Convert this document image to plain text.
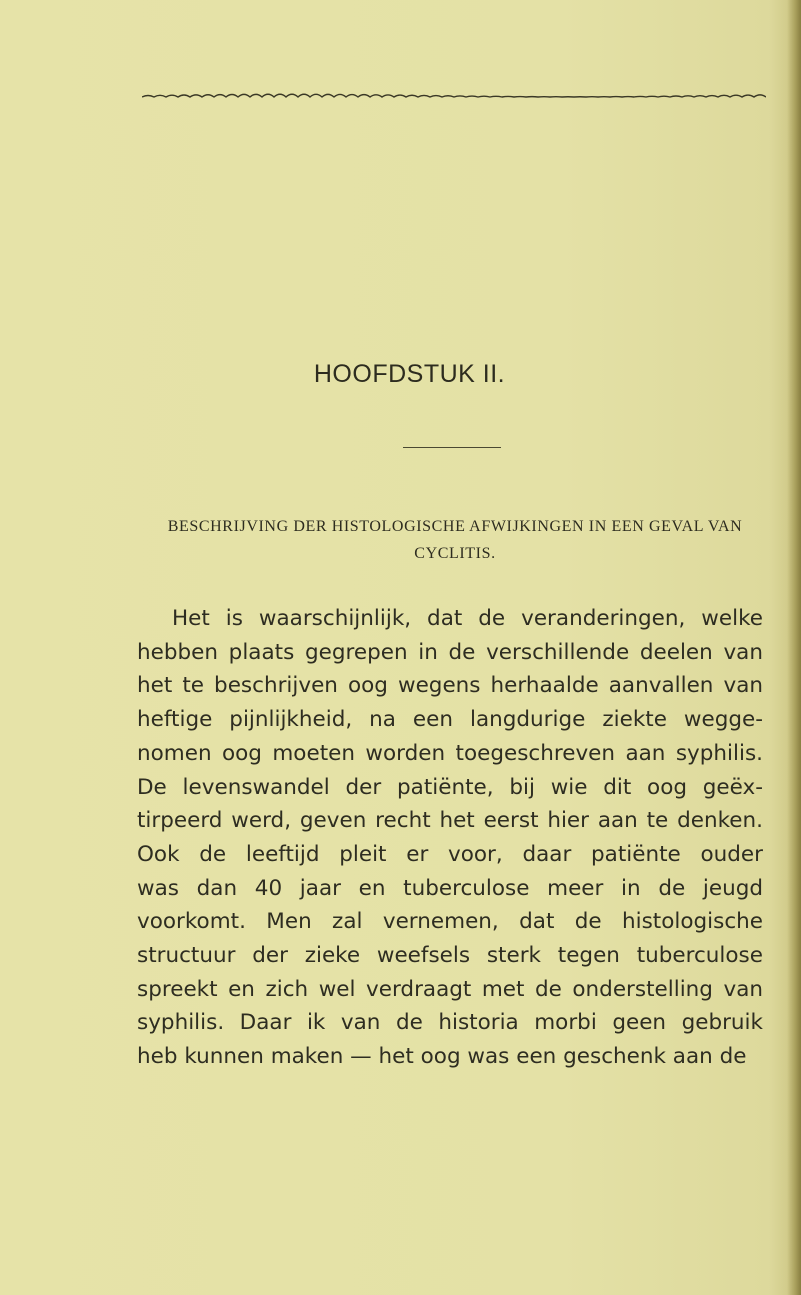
HOOFDSTUK II.
BESCHRIJVING DER HISTOLOGISCHE AFWIJKINGEN IN EEN GEVAL VAN CYCLITIS.
Het is waarschijnlijk, dat de veranderingen, welke
hebben plaats gegrepen in de verschillende deelen van
het te beschrijven oog wegens herhaalde aanvallen van
heftige pijnlijkheid, na een langdurige ziekte wegge-
nomen oog moeten worden toegeschreven aan syphilis.
De levenswandel der patiënte, bij wie dit oog geëx-
tirpeerd werd, geven recht het eerst hier aan te denken.
Ook de leeftijd pleit er voor, daar patiënte ouder
was dan 40 jaar en tuberculose meer in de jeugd
voorkomt. Men zal vernemen, dat de histologische
structuur der zieke weefsels sterk tegen tuberculose
spreekt en zich wel verdraagt met de onderstelling van
syphilis. Daar ik van de historia morbi geen gebruik
heb kunnen maken — het oog was een geschenk aan de
